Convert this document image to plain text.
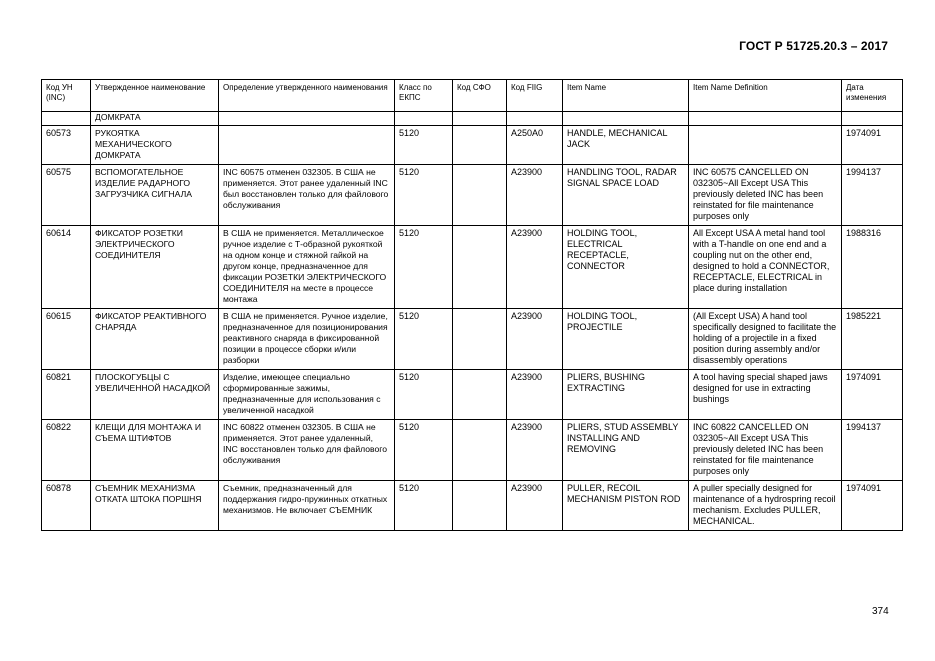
ГОСТ Р 51725.20.3 – 2017
Код УН (INC)	Утвержденное наименование	Определение утвержденного наименования	Класс по ЕКПС	Код СФО	Код FIIG	Item Name	Item Name Definition	Дата изменения
	ДОМКРАТА							
60573	РУКОЯТКА МЕХАНИЧЕСКОГО ДОМКРАТА		5120		A250A0	HANDLE, MECHANICAL JACK		1974091
60575	ВСПОМОГАТЕЛЬНОЕ ИЗДЕЛИЕ РАДАРНОГО ЗАГРУЗЧИКА СИГНАЛА	INC 60575 отменен 032305. В США не применяется. Этот ранее удаленный INC был восстановлен только для файлового обслуживания	5120		A23900	HANDLING TOOL, RADAR SIGNAL SPACE LOAD	INC 60575 CANCELLED ON 032305~All Except USA This previously deleted INC has been reinstated for file maintenance purposes only	1994137
60614	ФИКСАТОР РОЗЕТКИ ЭЛЕКТРИЧЕСКОГО СОЕДИНИТЕЛЯ	В США не применяется. Металлическое ручное изделие с Т-образной рукояткой на одном конце и стяжной гайкой на другом конце, предназначенное для фиксации РОЗЕТКИ ЭЛЕКТРИЧЕСКОГО СОЕДИНИТЕЛЯ на месте в процессе монтажа	5120		A23900	HOLDING TOOL, ELECTRICAL RECEPTACLE, CONNECTOR	All Except USA A metal hand tool with a T-handle on one end and a coupling nut on the other end, designed to hold a CONNECTOR, RECEPTACLE, ELECTRICAL in place during installation	1988316
60615	ФИКСАТОР РЕАКТИВНОГО СНАРЯДА	В США не применяется. Ручное изделие, предназначенное для позиционирования реактивного снаряда в фиксированной позиции в процессе сборки и/или разборки	5120		A23900	HOLDING TOOL, PROJECTILE	(All Except USA) A hand tool specifically designed to facilitate the holding of a projectile in a fixed position during assembly and/or disassembly operations	1985221
60821	ПЛОСКОГУБЦЫ С УВЕЛИЧЕННОЙ НАСАДКОЙ	Изделие, имеющее специально сформированные зажимы, предназначенные для использования с увеличенной насадкой	5120		A23900	PLIERS, BUSHING EXTRACTING	A tool having special shaped jaws designed for use in extracting bushings	1974091
60822	КЛЕЩИ ДЛЯ МОНТАЖА И СЪЕМА ШТИФТОВ	INC 60822 отменен 032305. В США не применяется. Этот ранее удаленный, INC восстановлен только для файлового обслуживания	5120		A23900	PLIERS, STUD ASSEMBLY INSTALLING AND REMOVING	INC 60822 CANCELLED ON 032305~All Except USA This previously deleted INC has been reinstated for file maintenance purposes only	1994137
60878	СЪЕМНИК МЕХАНИЗМА ОТКАТА ШТОКА ПОРШНЯ	Съемник, предназначенный для поддержания гидро-пружинных откатных механизмов. Не включает СЪЕМНИК	5120		A23900	PULLER, RECOIL MECHANISM PISTON ROD	A puller specially designed for maintenance of a hydrospring recoil mechanism. Excludes PULLER, MECHANICAL.	1974091
374
